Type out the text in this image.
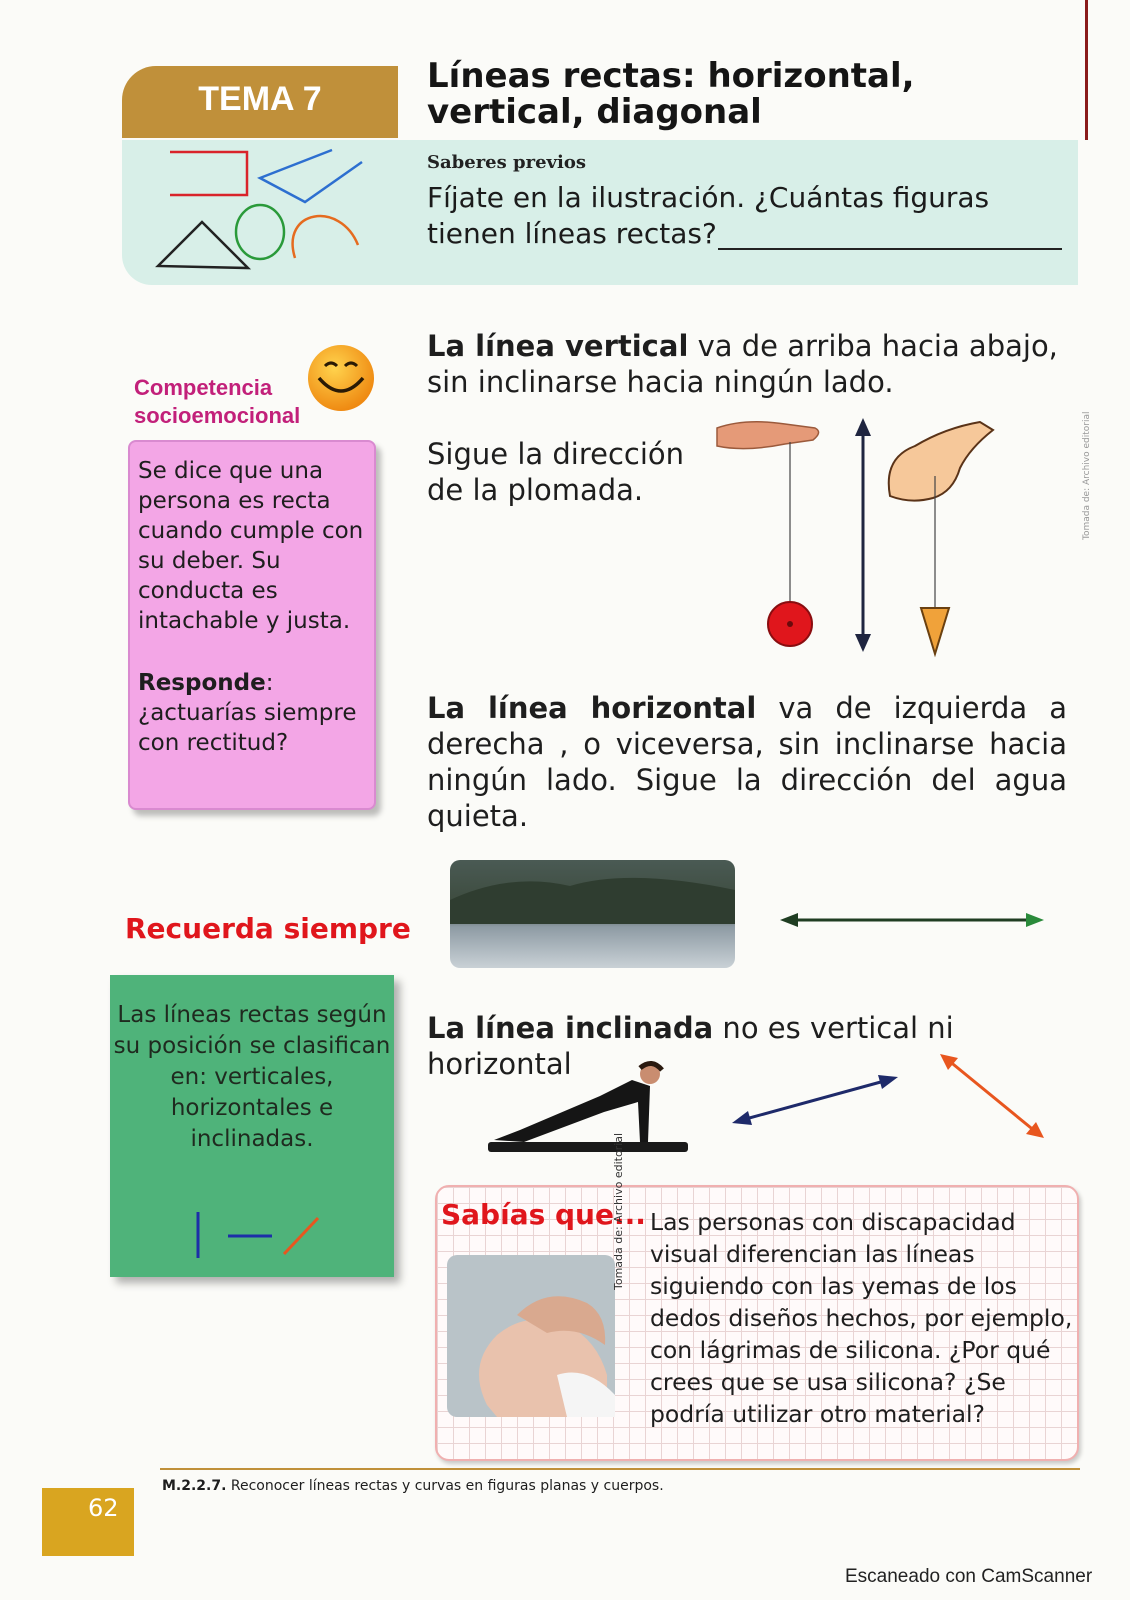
TEMA 7
Líneas rectas: horizontal,
vertical, diagonal
Saberes previos
Fíjate en la ilustración. ¿Cuántas figuras tienen líneas rectas?
Competencia
socioemocional
Se dice que una persona es recta cuando cumple con su deber. Su conducta es intachable y justa.
Responde: ¿actuarías siempre con rectitud?
Recuerda siempre
Las líneas rectas según su posición se clasifican en: verticales, horizontales e inclinadas.
La línea vertical va de arriba hacia abajo, sin inclinarse hacia ningún lado.
Sigue la dirección de la plomada.	Tomada de: Archivo editorial
La línea horizontal va de izquierda a derecha , o viceversa, sin inclinarse hacia ningún lado. Sigue la dirección del agua quieta.
La línea inclinada no es vertical ni horizontal
Sabías que...
Tomada de: Archivo editorial Las personas con discapacidad visual diferencian las líneas siguiendo con las yemas de los dedos diseños hechos, por ejemplo, con lágrimas de silicona. ¿Por qué crees que se usa silicona? ¿Se podría utilizar otro material?
M.2.2.7. Reconocer líneas rectas y curvas en figuras planas y cuerpos.
62
Escaneado con CamScanner
